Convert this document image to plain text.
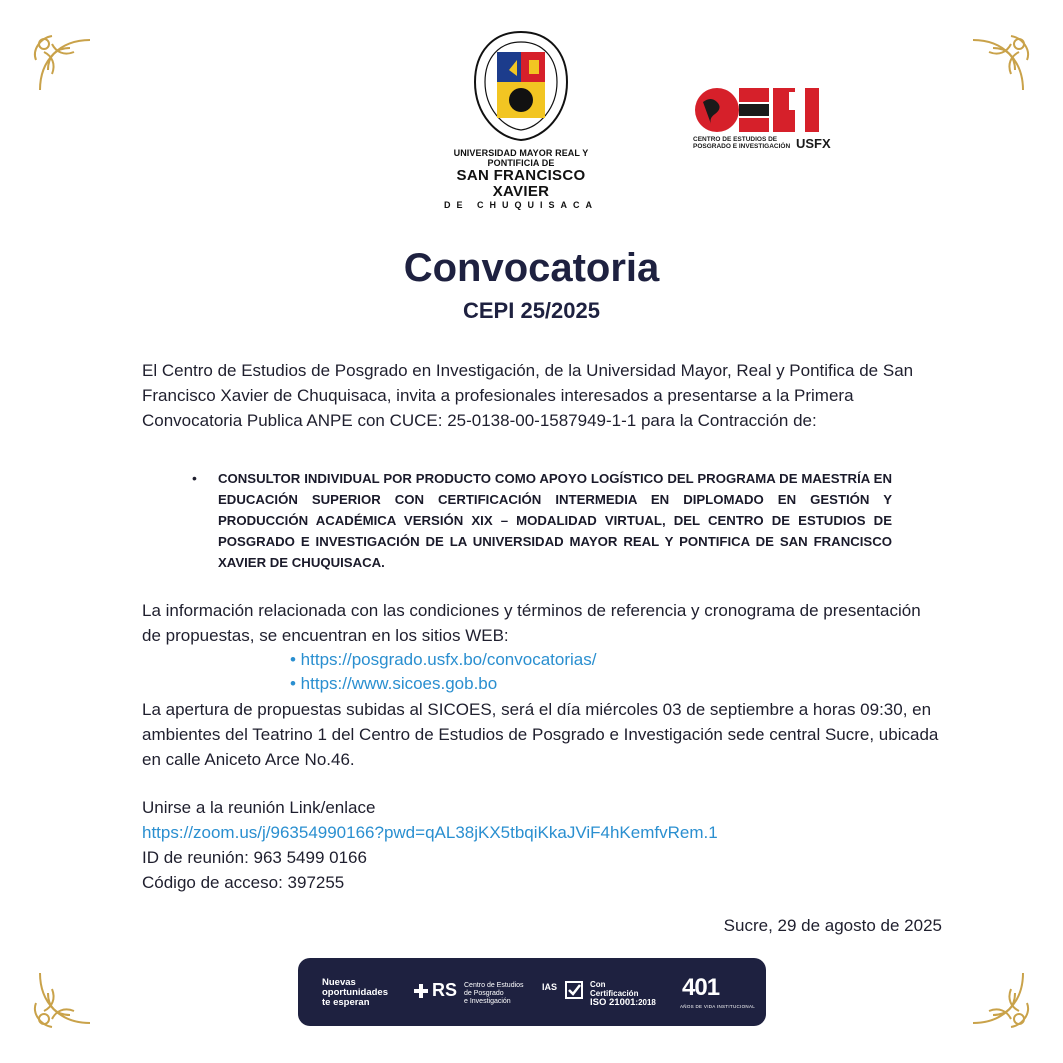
UNIVERSIDAD MAYOR REAL Y PONTIFICIA DE
SAN FRANCISCO XAVIER
DE CHUQUISACA
CENTRO DE ESTUDIOS DE
POSGRADO E INVESTIGACIÓN USFX
Convocatoria
CEPI 25/2025
El Centro de Estudios de Posgrado en Investigación, de la Universidad Mayor, Real y Pontifica de San Francisco Xavier de Chuquisaca, invita a profesionales interesados a presentarse a la Primera Convocatoria Publica ANPE con CUCE: 25-0138-00-1587949-1-1 para la Contracción de:
• CONSULTOR INDIVIDUAL POR PRODUCTO COMO APOYO LOGÍSTICO DEL PROGRAMA DE MAESTRÍA EN EDUCACIÓN SUPERIOR CON CERTIFICACIÓN INTERMEDIA EN DIPLOMADO EN GESTIÓN Y PRODUCCIÓN ACADÉMICA VERSIÓN XIX – MODALIDAD VIRTUAL, DEL CENTRO DE ESTUDIOS DE POSGRADO E INVESTIGACIÓN DE LA UNIVERSIDAD MAYOR REAL Y PONTIFICA DE SAN FRANCISCO XAVIER DE CHUQUISACA.
La información relacionada con las condiciones y términos de referencia y cronograma de presentación de propuestas, se encuentran en los sitios WEB:
• https://posgrado.usfx.bo/convocatorias/
• https://www.sicoes.gob.bo
La apertura de propuestas subidas al SICOES, será el día miércoles 03 de septiembre a horas 09:30, en ambientes del Teatrino 1 del Centro de Estudios de Posgrado e Investigación sede central Sucre, ubicada en calle Aniceto Arce No.46.
Unirse a la reunión Link/enlace
https://zoom.us/j/96354990166?pwd=qAL38jKX5tbqiKkaJViF4hKemfvRem.1
ID de reunión: 963 5499 0166
Código de acceso: 397255
Sucre, 29 de agosto de 2025
Nuevas
oportunidades
te esperan
RS Centro de Estudios
de Posgrado
e Investigación
IAS	Con
Certificación
ISO 21001:2018
401
AÑOS DE VIDA INSTITUCIONAL
